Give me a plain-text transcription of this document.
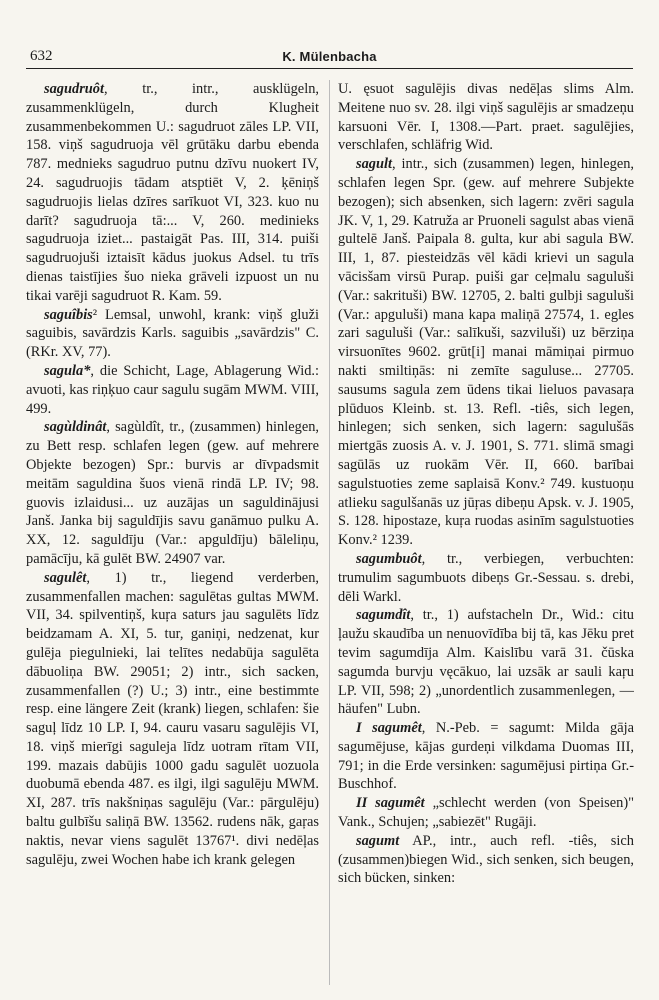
632	K. Mülenbacha

sagudruôt, tr., intr., ausklügeln, zusammenklügeln, durch Klugheit zusammenbekommen U.: sagudruot zāles LP. VII, 158. viņš sagudruoja vēl grūtāku darbu ebenda 787. mednieks sagudruo putnu dzīvu nuokert IV, 24. sagudruojis tādam atsptiēt V, 2. ķēniņš sagudruojis lielas dzīres sarīkuot VI, 323. kuo nu darīt? sagudruoja tā:... V, 260. medinieks sagudruoja iziet... pastaigāt Pas. III, 314. puiši sagudruojuši iztaisīt kādus juokus Adsel. tu trīs dienas taistījies šuo nieka grāveli izpuost un nu tikai varēji sagudruot R. Kam. 59.

saguîbis² Lemsal, unwohl, krank: viņš gluži saguibis, savārdzis Karls. saguibis „savārdzis" C. (RKr. XV, 77).

sagula*, die Schicht, Lage, Ablagerung Wid.: avuoti, kas riņķuo caur sagulu sugām MWM. VIII, 499.

sagùldinât, sagùldît, tr., (zusammen) hinlegen, zu Bett resp. schlafen legen (gew. auf mehrere Objekte bezogen) Spr.: burvis ar dīvpadsmit meitām saguldina šuos vienā rindā LP. IV; 98. guovis izlaidusi... uz auzājas un saguldinājusi Janš. Janka bij saguldījis savu ganāmuo pulku A. XX, 12. saguldīju (Var.: apguldīju) bāleliņu, pamācīju, kā gulēt BW. 24907 var.

sagulêt, 1) tr., liegend verderben, zusammenfallen machen: sagulētas gultas MWM. VII, 34. spilventiņš, kuŗa saturs jau sagulēts līdz beidzamam A. XI, 5. tur, ganiņi, nedzenat, kur gulēja piegulnieki, lai telītes nedabūja sagulēta dābuoliņa BW. 29051; 2) intr., sich sacken, zusammenfallen (?) U.; 3) intr., eine bestimmte resp. eine längere Zeit (krank) liegen, schlafen: šie saguļ līdz 10 LP. I, 94. cauru vasaru sagulējis VI, 18. viņš mierīgi saguleja līdz uotram rītam VII, 199. mazais dabūjis 1000 gadu sagulēt uozuola duobumā ebenda 487. es ilgi, ilgi sagulēju MWM. XI, 287. trīs nakšniņas sagulēju (Var.: pārgulēju) baltu gulbīšu saliņā BW. 13562. rudens nāk, gaŗas naktis, nevar viens sagulēt 13767¹. divi nedēļas sagulēju, zwei Wochen habe ich krank gelegen

U. ęsuot sagulējis divas nedēļas slims Alm. Meitene nuo sv. 28. ilgi viņš sagulējis ar smadzeņu karsuoni Vēr. I, 1308.—Part. praet. sagulējies, verschlafen, schläfrig Wid.

sagult, intr., sich (zusammen) legen, hinlegen, schlafen legen Spr. (gew. auf mehrere Subjekte bezogen); sich absenken, sich lagern: zvēri sagula JK. V, 1, 29. Katruža ar Pruoneli sagulst abas vienā gultelē Janš. Paipala 8. gulta, kur abi sagula BW. III, 1, 87. piesteidzās vēl kādi krievi un sagula vācisšam virsū Purap. puiši gar ceļmalu saguluši (Var.: sakrituši) BW. 12705, 2. balti gulbji saguluši (Var.: apguluši) mana kapa maliņā 27574, 1. egles zari saguluši (Var.: salīkuši, sazviluši) uz bērziņa virsuonītes 9602. grūt[i] manai māmiņai pirmuo nakti smiltiņās: ni zemīte saguluse... 27705. sausums sagula zem ūdens tikai lieluos pavasaŗa plūduos Kleinb. st. 13. Refl. -tiês, sich legen, hinlegen; sich senken, sich lagern: sagulušās miertgās zuosis A. v. J. 1901, S. 771. slimā smagi sagūlās uz ruokām Vēr. II, 660. barībai sagulstuoties zeme saplaisā Konv.² 749. kustuoņu atlieku sagulšanās uz jūŗas dibeņu Apsk. v. J. 1905, S. 128. hipostaze, kuŗa ruodas asinīm sagulstuoties Konv.² 1239.

sagumbuôt, tr., verbiegen, verbuchten: trumulim sagumbuots dibeņs Gr.-Sessau. s. drebi, dēli Warkl.

sagumdît, tr., 1) aufstacheln Dr., Wid.: citu ļaužu skaudība un nenuovīdība bij tā, kas Jēku pret tevim sagumdīja Alm. Kaislību varā 31. čūska sagumda burvju vęcākuo, lai uzsāk ar sauli kaŗu LP. VII, 598; 2) „unordentlich zusammenlegen, — häufen" Lubn.

I sagumêt, N.-Peb. = sagumt: Milda gāja sagumējuse, kājas gurdeņi vilkdama Duomas III, 791; in die Erde versinken: sagumējusi pirtiņa Gr.-Buschhof.

II sagumêt „schlecht werden (von Speisen)" Vank., Schujen; „sabiezēt" Rugāji.

sagumt AP., intr., auch refl. -tiês, sich (zusammen)biegen Wid., sich senken, sich beugen, sich bücken, sinken:
